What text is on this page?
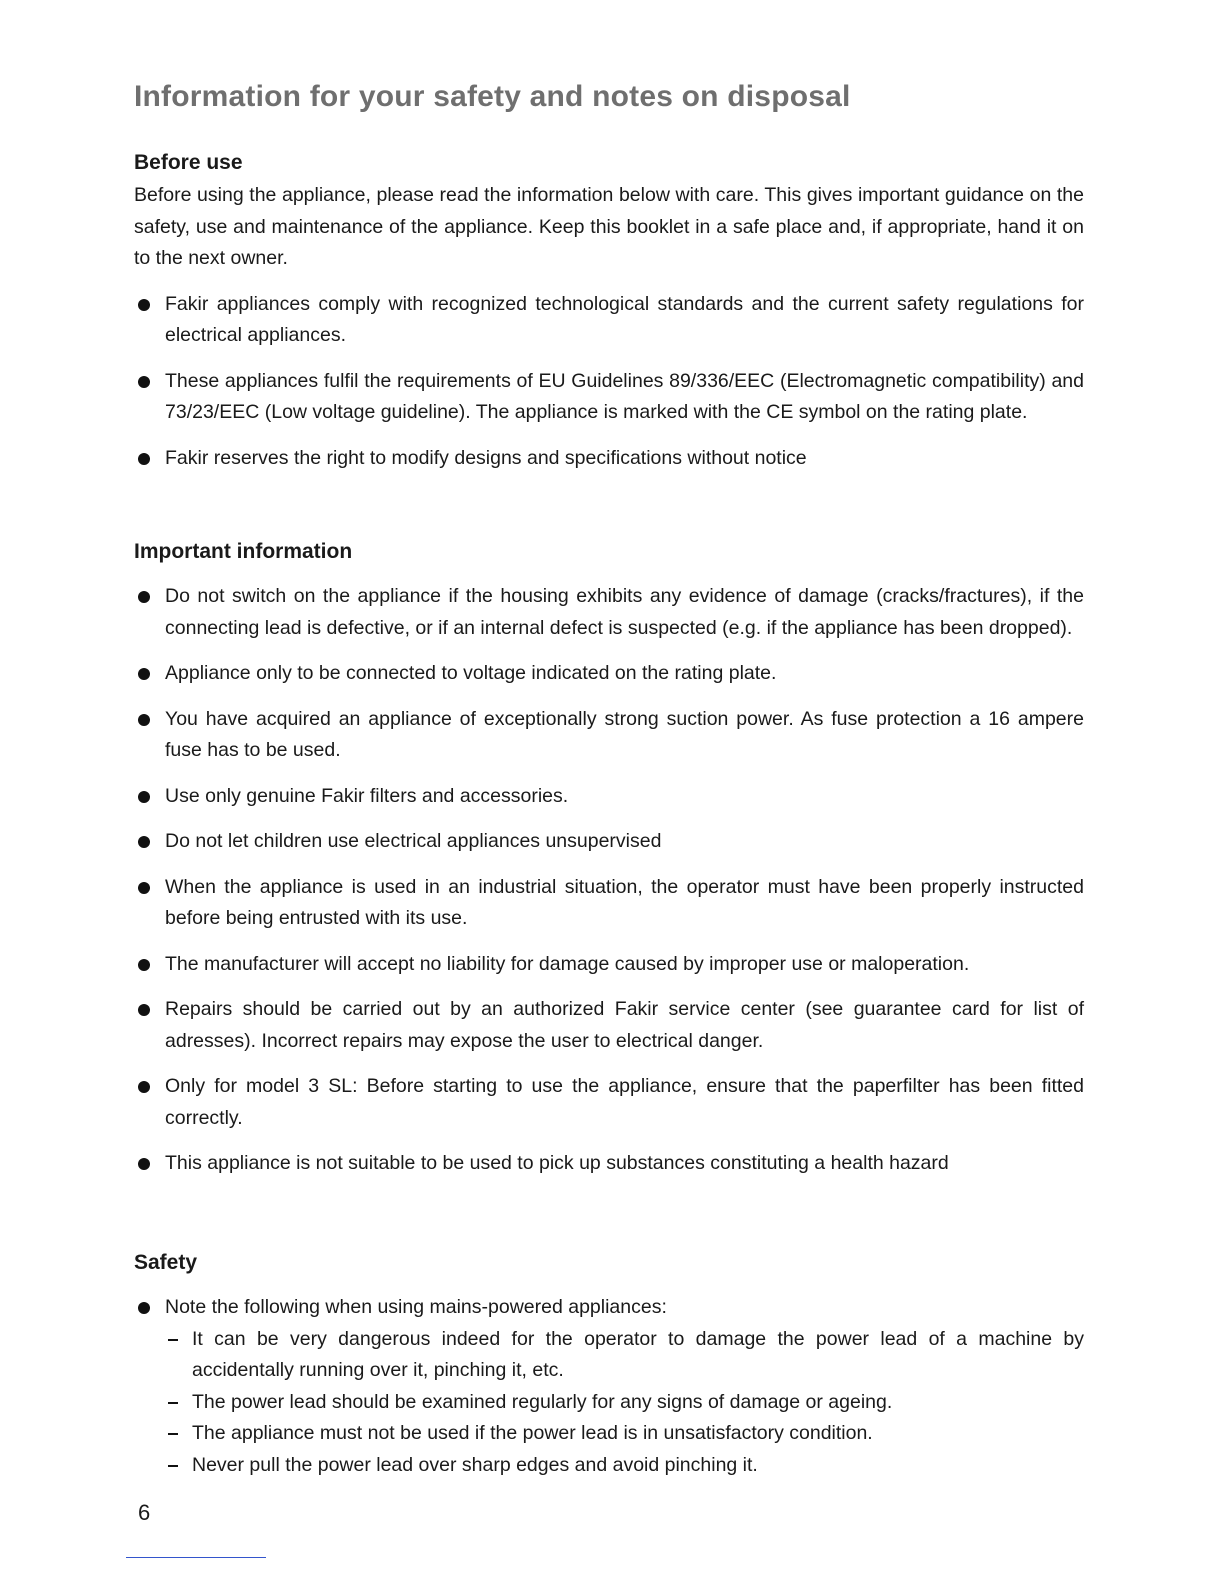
Information for your safety and notes on disposal
Before use

Before using the appliance, please read the information below with care. This gives important guidance on the safety, use and maintenance of the appliance. Keep this booklet in a safe place and, if appropriate, hand it on to the next owner.

Fakir appliances comply with recognized technological standards and the current safety regulations for electrical appliances.
These appliances fulfil the requirements of EU Guidelines 89/336/EEC (Electromagnetic compatibility) and 73/23/EEC (Low voltage guideline). The appliance is marked with the CE symbol on the rating plate.
Fakir reserves the right to modify designs and specifications without notice
Important information
Do not switch on the appliance if the housing exhibits any evidence of damage (cracks/fractures), if the connecting lead is defective, or if an internal defect is suspected (e.g. if the appliance has been dropped).
Appliance only to be connected to voltage indicated on the rating plate.
You have acquired an appliance of exceptionally strong suction power. As fuse protection a 16 ampere fuse has to be used.
Use only genuine Fakir filters and accessories.
Do not let children use electrical appliances unsupervised
When the appliance is used in an industrial situation, the operator must have been properly instructed before being entrusted with its use.
The manufacturer will accept no liability for damage caused by improper use or maloperation.
Repairs should be carried out by an authorized Fakir service center (see guarantee card for list of adresses). Incorrect repairs may expose the user to electrical danger.
Only for model 3 SL: Before starting to use the appliance, ensure that the paperfilter has been fitted correctly.
This appliance is not suitable to be used to pick up substances constituting a health hazard
Safety
Note the following when using mains-powered appliances:
It can be very dangerous indeed for the operator to damage the power lead of a machine by accidentally running over it, pinching it, etc.
The power lead should be examined regularly for any signs of damage or ageing.
The appliance must not be used if the power lead is in unsatisfactory condition.
Never pull the power lead over sharp edges and avoid pinching it.
6
